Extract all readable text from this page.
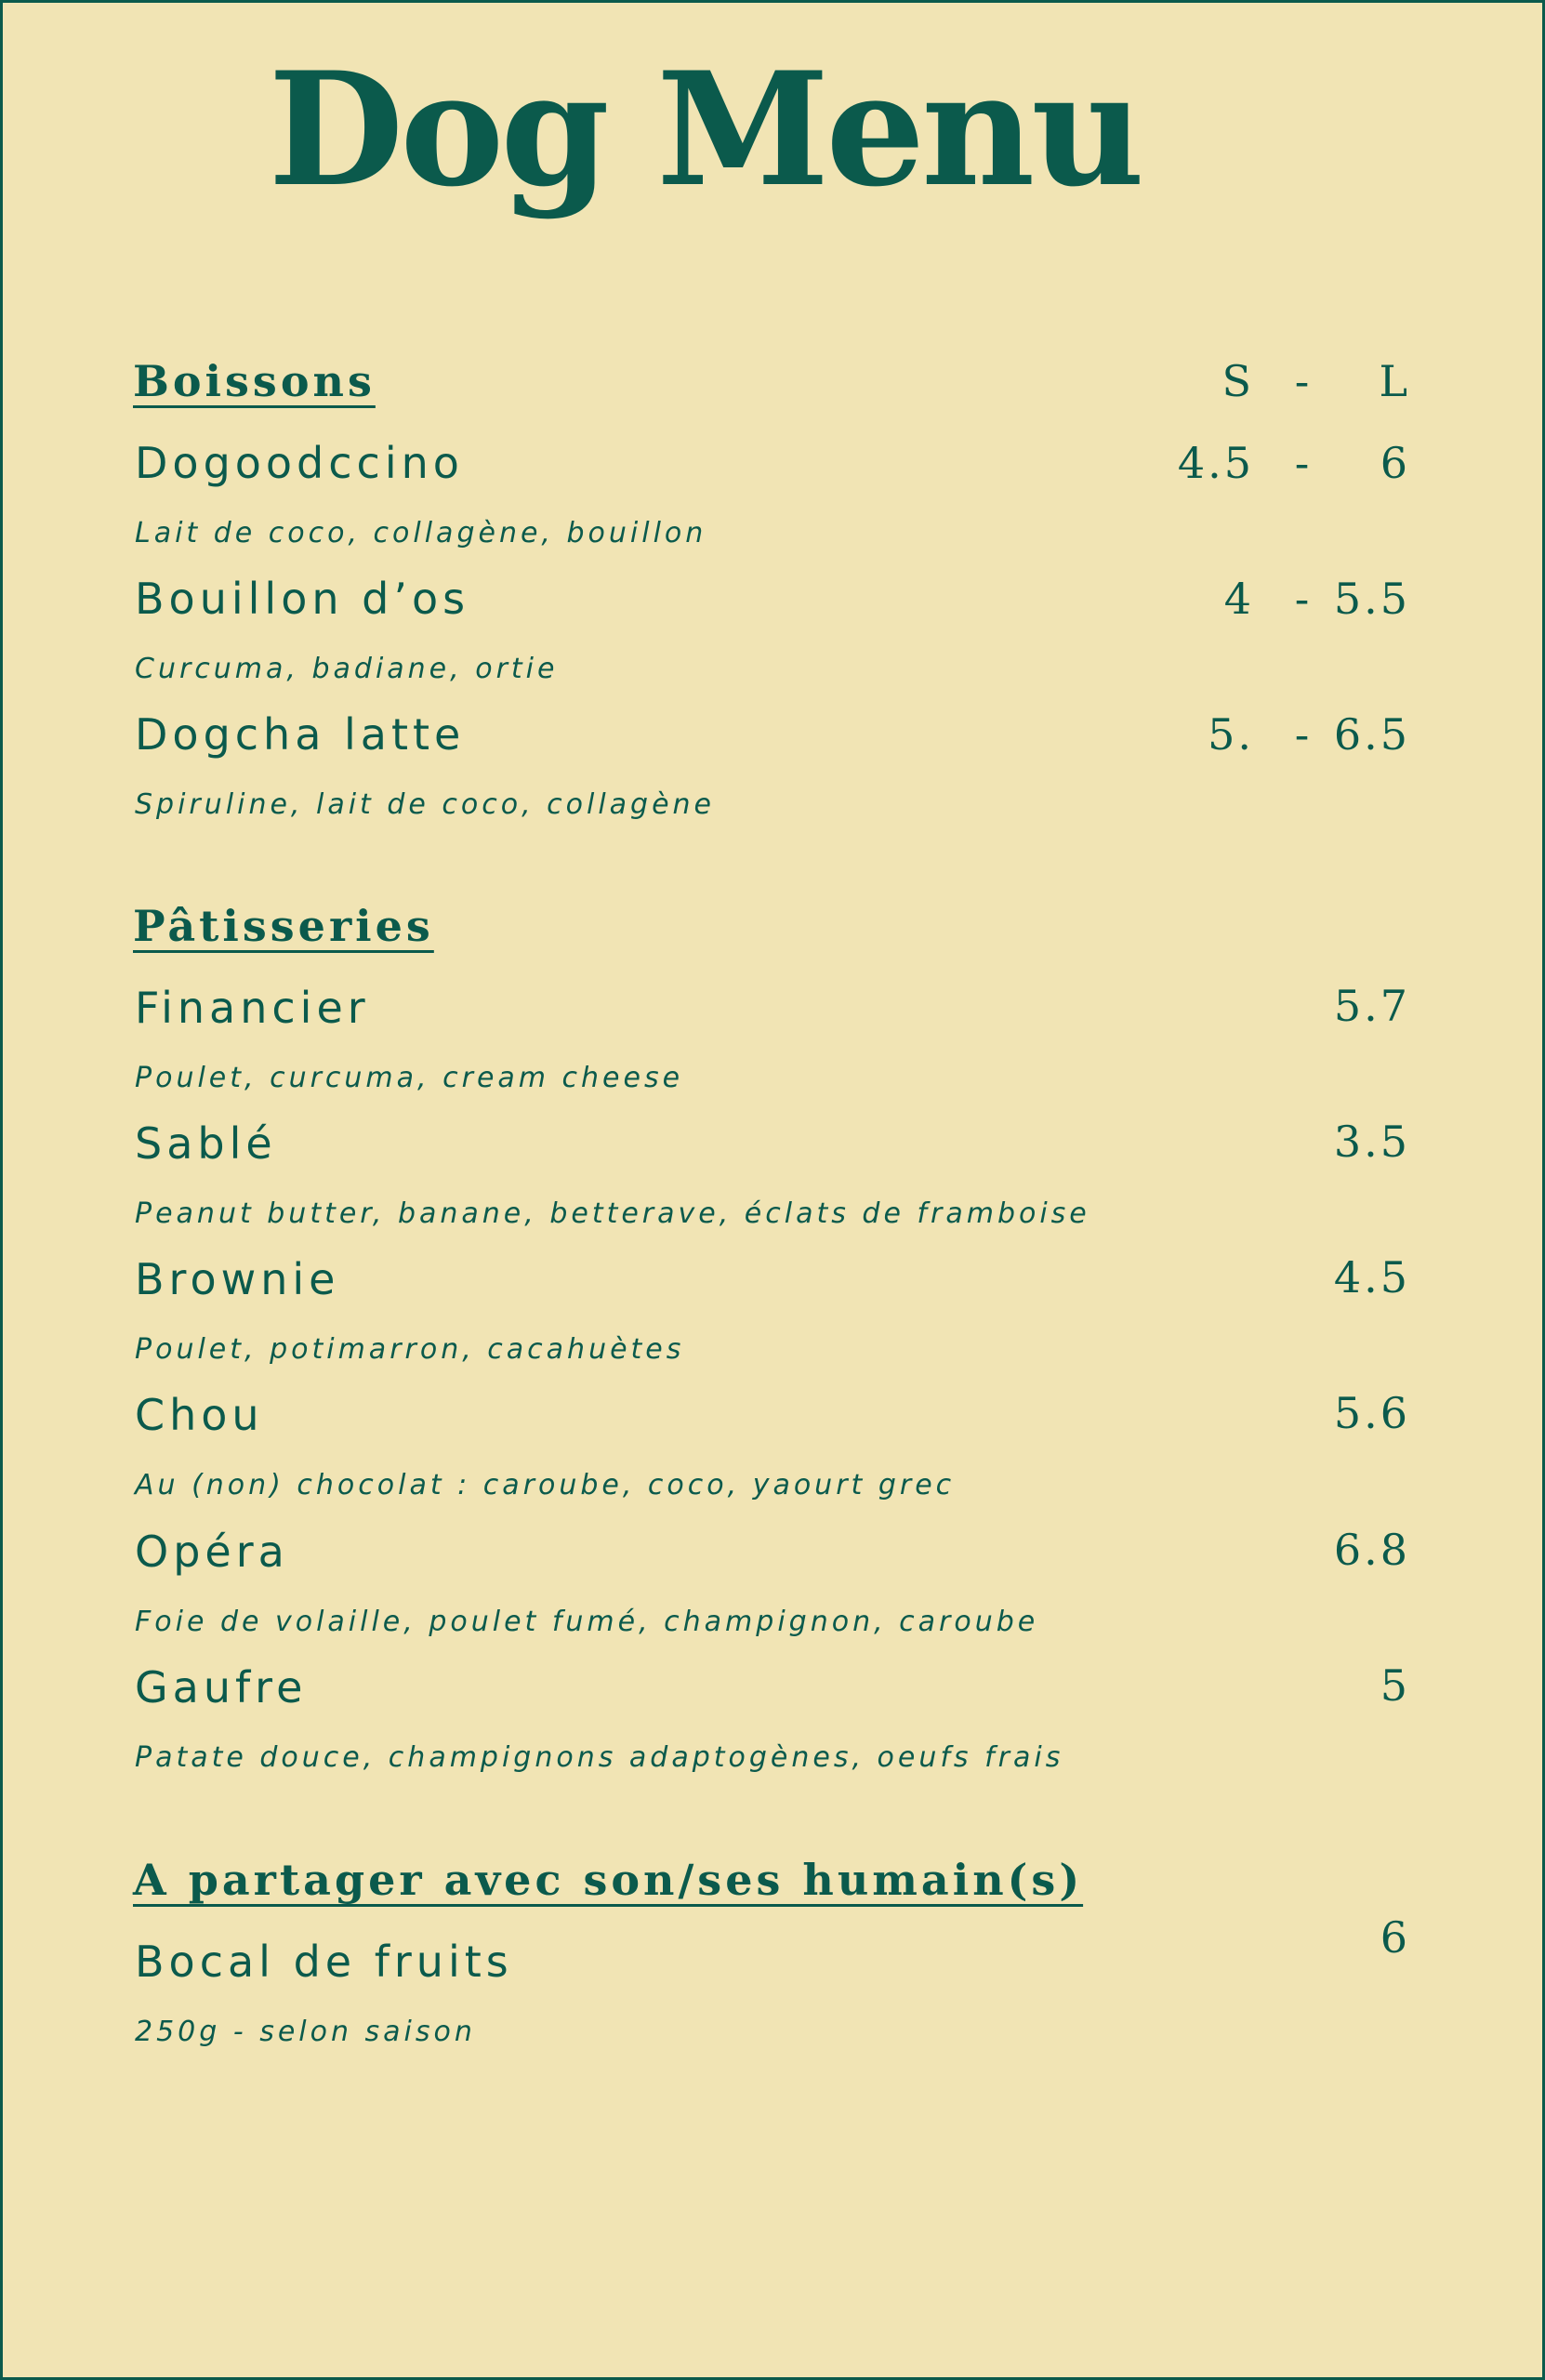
Dog Menu
Boissons	S - L
Dogoodccino	4.5 - 6
Lait de coco, collagène, bouillon
Bouillon d’os	4 - 5.5
Curcuma, badiane, ortie
Dogcha latte	5. - 6.5
Spiruline, lait de coco, collagène
Pâtisseries
Financier	5.7
Poulet, curcuma, cream cheese
Sablé	3.5
Peanut butter, banane, betterave, éclats de framboise
Brownie	4.5
Poulet, potimarron, cacahuètes
Chou	5.6
Au (non) chocolat : caroube, coco, yaourt grec
Opéra	6.8
Foie de volaille, poulet fumé, champignon, caroube
Gaufre	5
Patate douce, champignons adaptogènes, oeufs frais
A partager avec son/ses humain(s)
Bocal de fruits	6
250g - selon saison
